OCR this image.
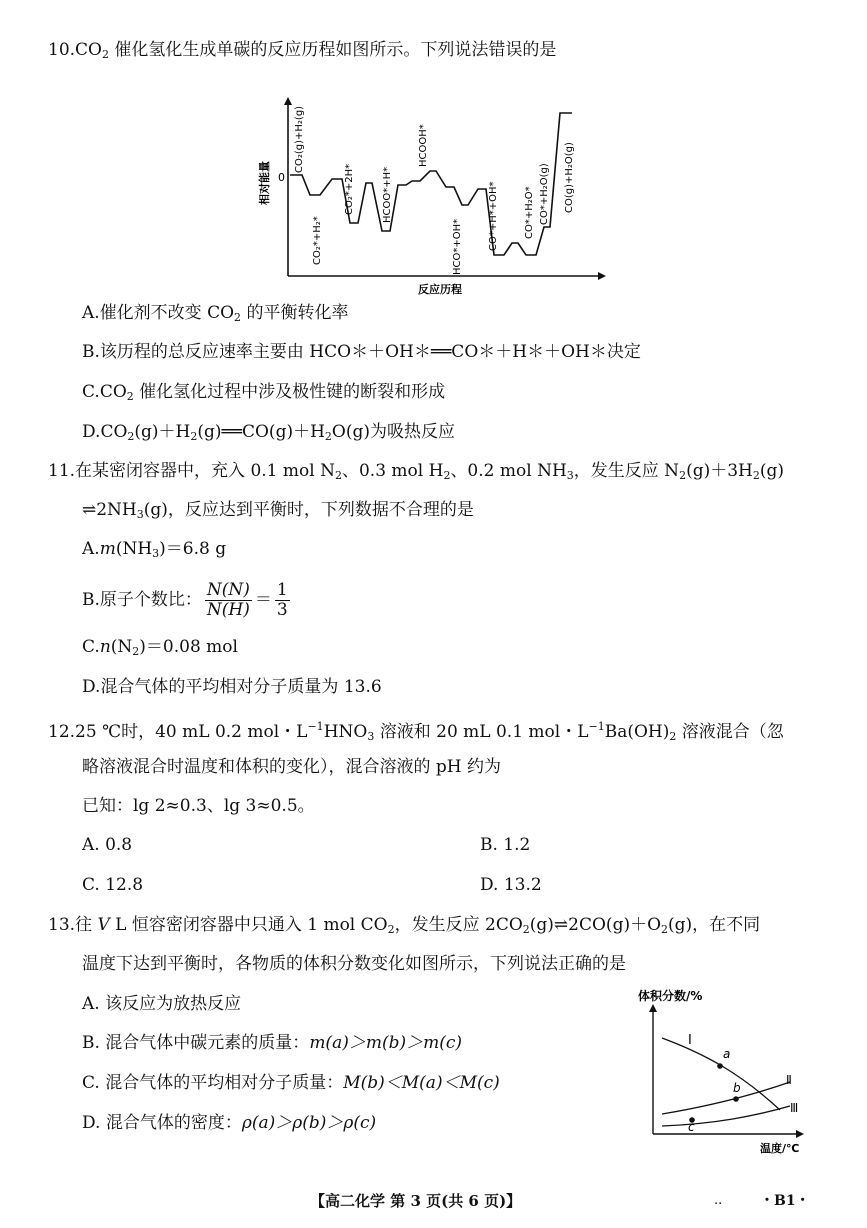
$10.CO_2$ 催化氢化生成单碳的反应历程如图所示。下列说法错误的是
0
相对能量
反应历程
CO₂(g)+H₂(g)
CO₂*+H₂*
CO₂*+2H*	HCOO*+H*
HCOOH*
HCO*+OH*	CO*+H*+OH*	CO*+H₂O* CO*+H₂O(g) CO(g)+H₂O(g)
A.催化剂不改变 $CO_2$ 的平衡转化率
B.该历程的总反应速率主要由 HCO＊＋OH＊══CO＊＋H＊＋OH＊决定
$C.CO_2$ 催化氢化过程中涉及极性键的断裂和形成
$D.CO_2(g)+H_2(g)══CO(g)+H_2O(g)$为吸热反应
11.在某密闭容器中，充入 0.1 mol $N_2$、0.3 mol $H_2$、0.2 mol $NH_3$，发生反应 $N_2(g)+3H_2(g)$
$\rightleftharpoons 2NH_3(g)$，反应达到平衡时，下列数据不合理的是
$A.m(NH_3)=6.8$ g
B.原子个数比： $\frac{N(N)}{N(H)} = \frac{1}{3}$
$C.n(N_2)=0.08$ mol
D.混合气体的平均相对分子质量为 13.6
12.25 ℃时，40 mL 0.2 mol・$L^{-1}HNO_3$ 溶液和 20 mL 0.1 mol・$L^{-1}Ba(OH)_2$ 溶液混合（忽
略溶液混合时温度和体积的变化），混合溶液的 pH 约为
已知：lg 2≈0.3、lg 3≈0.5。
A. 0.8	B. 1.2
C. 12.8	D. 13.2
13.往 V L 恒容密闭容器中只通入 1 mol $CO_2$，发生反应 $2CO_2(g)\rightleftharpoons 2CO(g)+O_2(g)$，在不同
温度下达到平衡时，各物质的体积分数变化如图所示，下列说法正确的是
A. 该反应为放热反应
B. 混合气体中碳元素的质量：m(a)＞m(b)＞m(c)
C. 混合气体的平均相对分子质量：M(b)＜M(a)＜M(c)
D. 混合气体的密度：ρ(a)＞ρ(b)＞ρ(c)
体积分数/%
温度/℃
Ⅰ
Ⅱ
Ⅲ
a
b
c
【高二化学 第 3 页(共 6 页)】	..	・B1・
